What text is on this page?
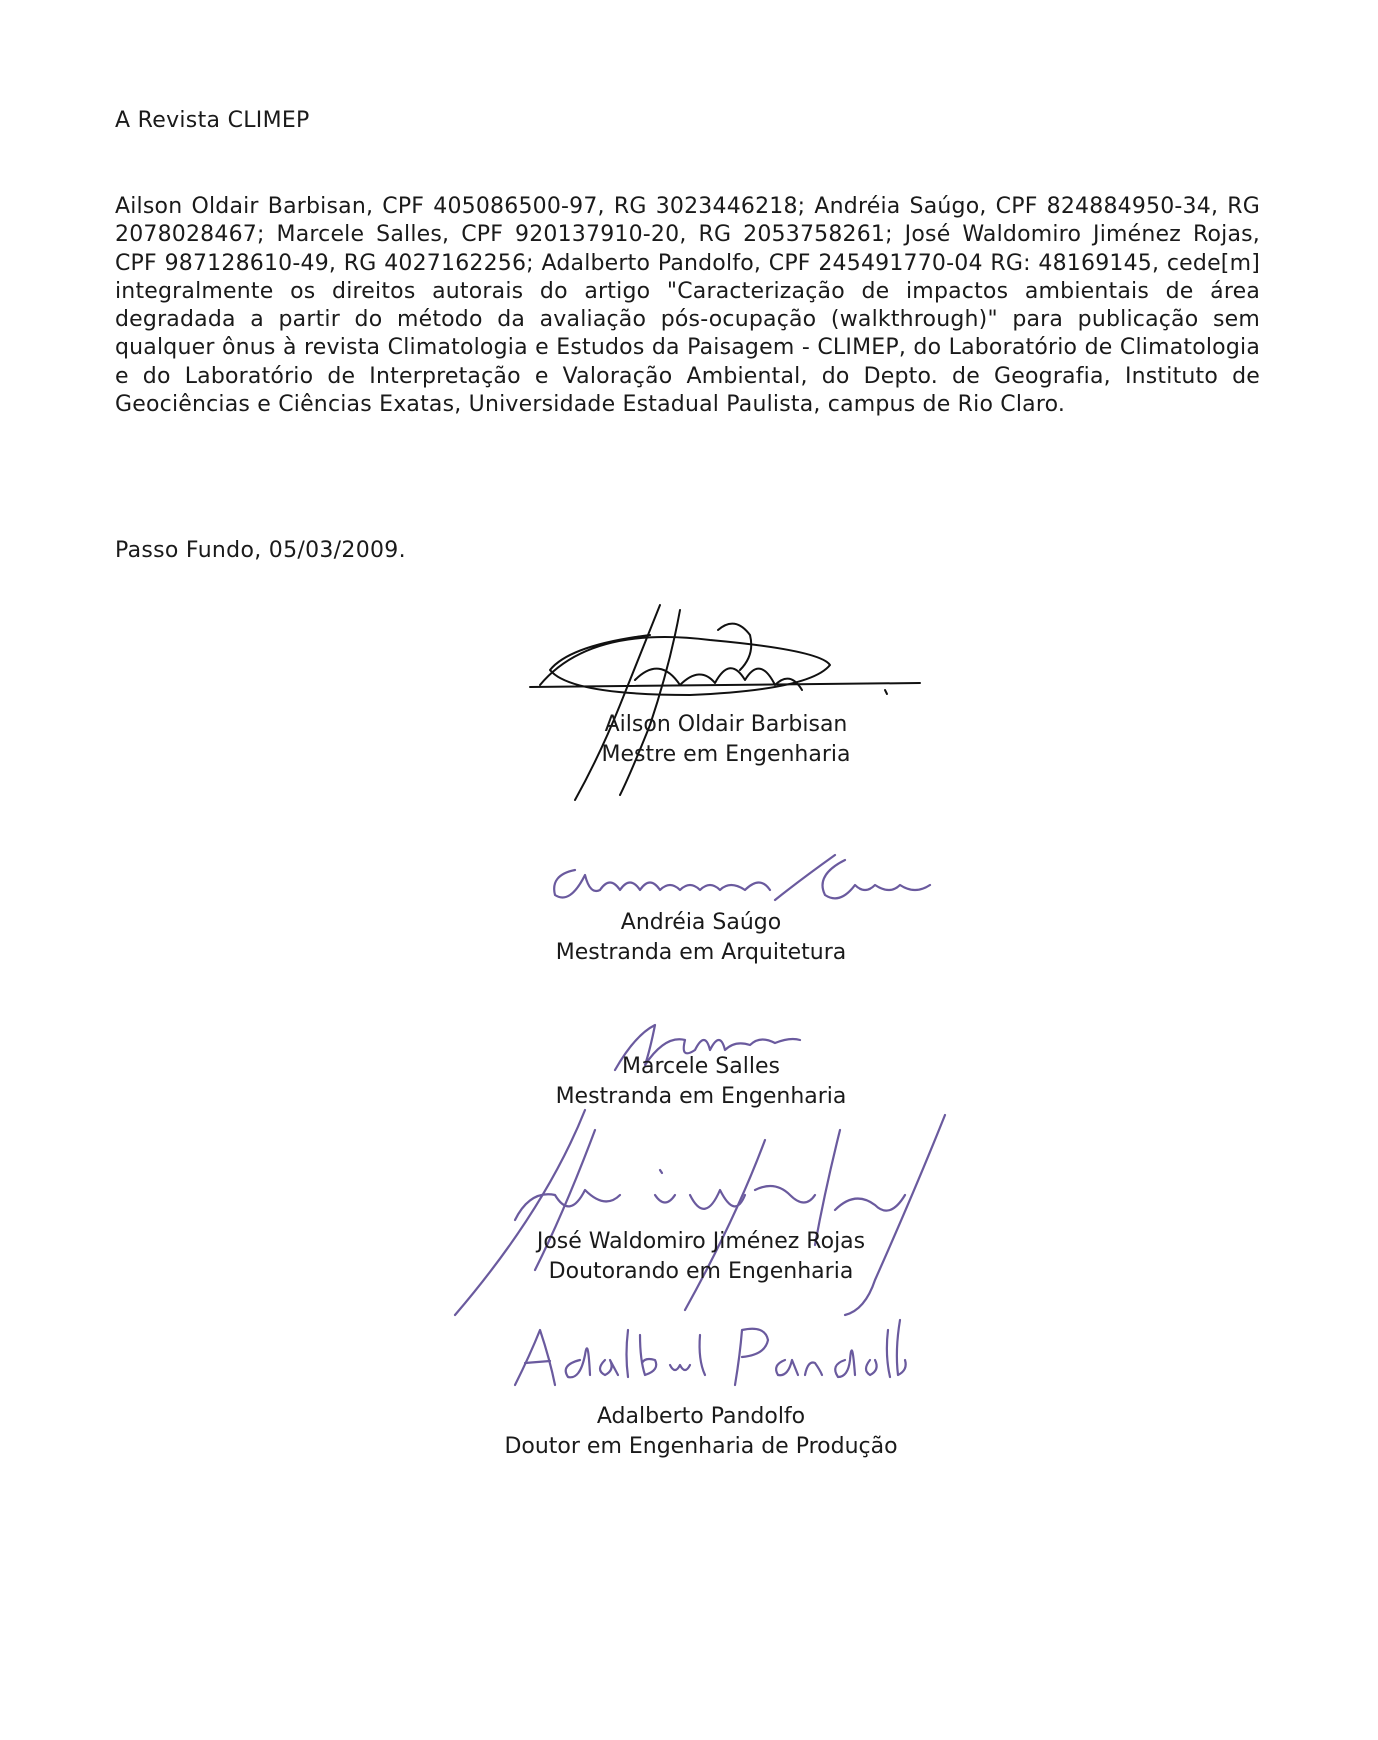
A Revista CLIMEP
Ailson Oldair Barbisan, CPF 405086500-97, RG 3023446218; Andréia Saúgo, CPF 824884950-34, RG 2078028467; Marcele Salles, CPF 920137910-20, RG 2053758261; José Waldomiro Jiménez Rojas, CPF 987128610-49, RG 4027162256; Adalberto Pandolfo, CPF 245491770-04 RG: 48169145, cede[m] integralmente os direitos autorais do artigo "Caracterização de impactos ambientais de área degradada a partir do método da avaliação pós-ocupação (walkthrough)" para publicação sem qualquer ônus à revista Climatologia e Estudos da Paisagem - CLIMEP, do Laboratório de Climatologia e do Laboratório de Interpretação e Valoração Ambiental, do Depto. de Geografia, Instituto de Geociências e Ciências Exatas, Universidade Estadual Paulista, campus de Rio Claro.
Passo Fundo, 05/03/2009.
Ailson Oldair Barbisan
Mestre em Engenharia
Andréia Saúgo
Mestranda em Arquitetura
Marcele Salles
Mestranda em Engenharia
José Waldomiro Jiménez Rojas
Doutorando em Engenharia
Adalberto Pandolfo
Doutor em Engenharia de Produção
